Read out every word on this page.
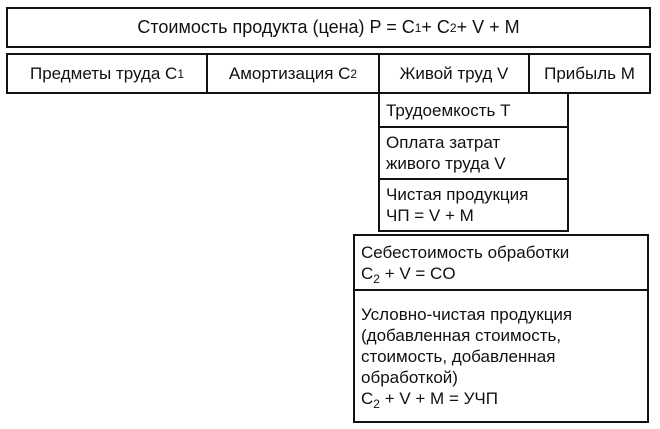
Стоимость продукта (цена) P = C 1 + C 2 + V + M
Предметы труда C 1	Амортизация C 2	Живой труд V Прибыль M
Трудоемкость T
Оплата затрат
живого труда V
Чистая продукция
ЧП = V + M
Себестоимость обработки
$C_2 + V$ = CO
Условно-чистая продукция
(добавленная стоимость,
стоимость, добавленная
обработкой)
$C_2 + V + M$ = УЧП
